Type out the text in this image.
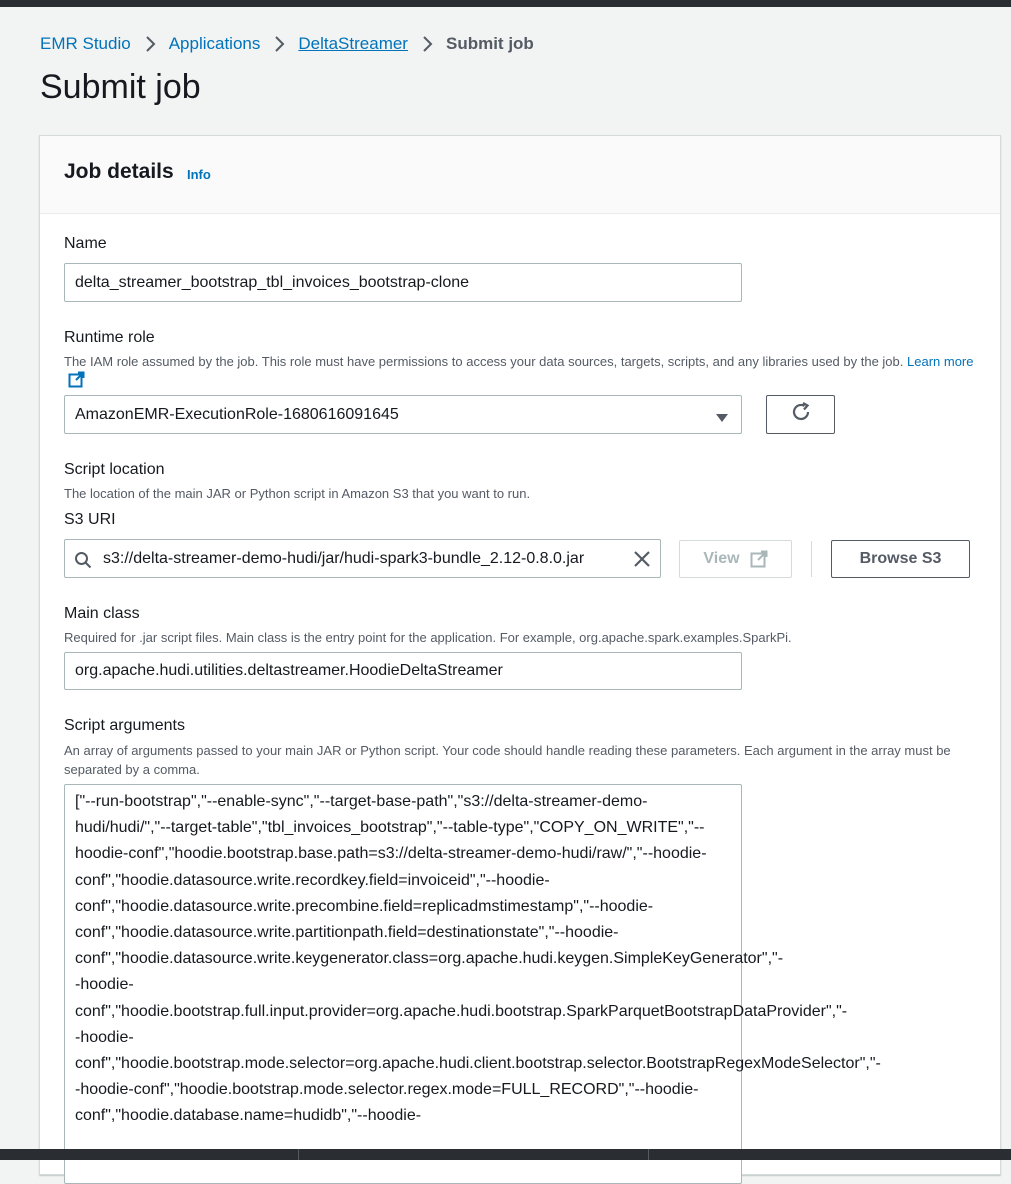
EMR Studio Applications DeltaStreamer Submit job
Submit job
Job details Info
Name
delta_streamer_bootstrap_tbl_invoices_bootstrap-clone
Runtime role
The IAM role assumed by the job. This role must have permissions to access your data sources, targets, scripts, and any libraries used by the job. Learn more
AmazonEMR-ExecutionRole-1680616091645
Script location
The location of the main JAR or Python script in Amazon S3 that you want to run.
S3 URI
s3://delta-streamer-demo-hudi/jar/hudi-spark3-bundle_2.12-0.8.0.jar	View	Browse S3
Main class
Required for .jar script files. Main class is the entry point for the application. For example, org.apache.spark.examples.SparkPi.
org.apache.hudi.utilities.deltastreamer.HoodieDeltaStreamer
Script arguments
An array of arguments passed to your main JAR or Python script. Your code should handle reading these parameters. Each argument in the array must be separated by a comma.
["--run-bootstrap","--enable-sync","--target-base-path","s3://delta-streamer-demo-hudi/hudi/","--target-table","tbl_invoices_bootstrap","--table-type","COPY_ON_WRITE","--hoodie-conf","hoodie.bootstrap.base.path=s3://delta-streamer-demo-hudi/raw/","--hoodie-conf","hoodie.datasource.write.recordkey.field=invoiceid","--hoodie-conf","hoodie.datasource.write.precombine.field=replicadmstimestamp","--hoodie-conf","hoodie.datasource.write.partitionpath.field=destinationstate","--hoodie-conf","hoodie.datasource.write.keygenerator.class=org.apache.hudi.keygen.SimpleKeyGenerator","--hoodie-conf","hoodie.bootstrap.full.input.provider=org.apache.hudi.bootstrap.SparkParquetBootstrapDataProvider","--hoodie-conf","hoodie.bootstrap.mode.selector=org.apache.hudi.client.bootstrap.selector.BootstrapRegexModeSelector","--hoodie-conf","hoodie.bootstrap.mode.selector.regex.mode=FULL_RECORD","--hoodie-conf","hoodie.database.name=hudidb","--hoodie-
